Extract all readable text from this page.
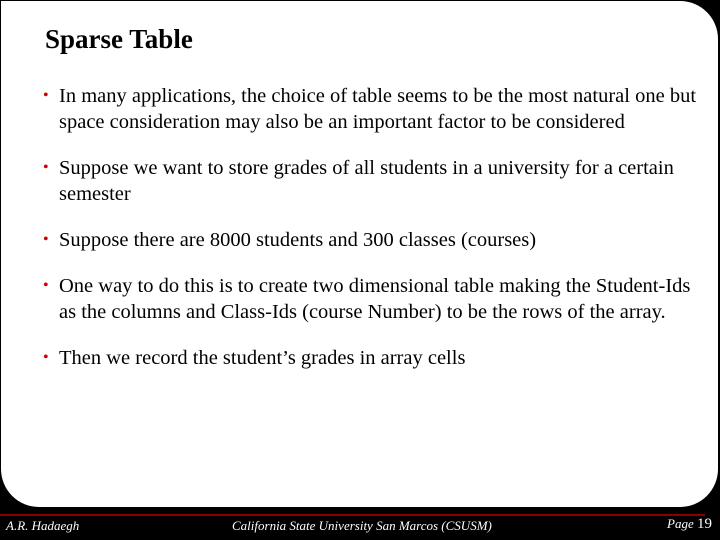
Sparse Table
• In many applications, the choice of table seems to be the most natural one but space consideration may also be an important factor to be considered
• Suppose we want to store grades of all students in a university for a certain semester
• Suppose there are 8000 students and 300 classes (courses)
• One way to do this is to create two dimensional table making the Student-Ids as the columns and Class-Ids (course Number) to be the rows of the array.
• Then we record the student’s grades in array cells
A.R. Hadaegh	California State University San Marcos (CSUSM)	Page 19
